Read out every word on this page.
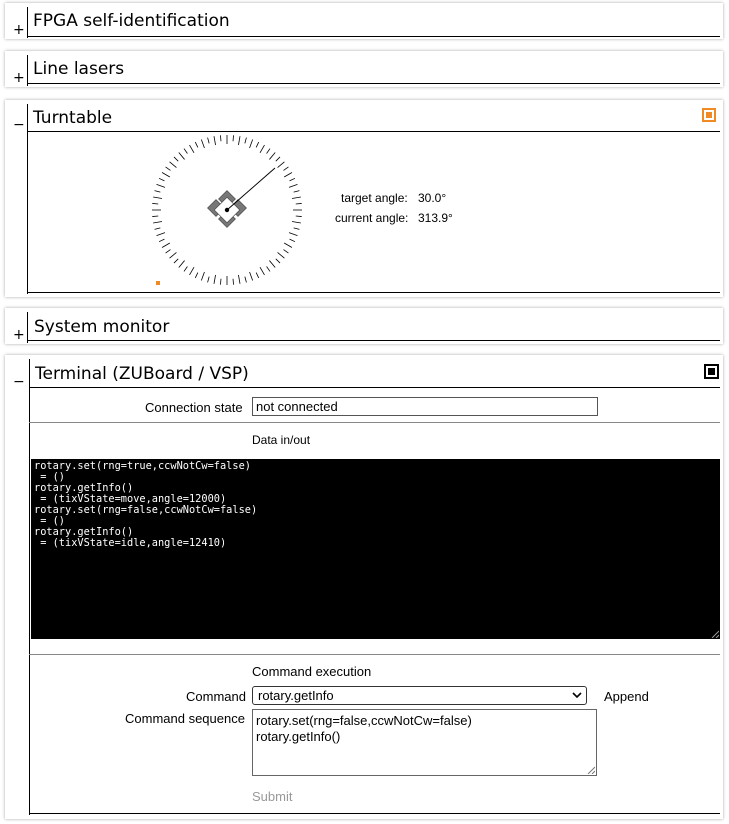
+ FPGA self-identification
+ Line lasers
− Turntable
target angle: 30.0°
current angle: 313.9°
+ System monitor
− Terminal (ZUBoard / VSP)
Connection state	not connected
Data in/out
rotary.set(rng=true,ccwNotCw=false)
= ()
rotary.getInfo()
= (tixVState=move,angle=12000)
rotary.set(rng=false,ccwNotCw=false)
= ()
rotary.getInfo()
= (tixVState=idle,angle=12410)
Command execution
Command rotary.getInfo	Append
Command sequence rotary.set(rng=false,ccwNotCw=false)
rotary.getInfo()
Submit
